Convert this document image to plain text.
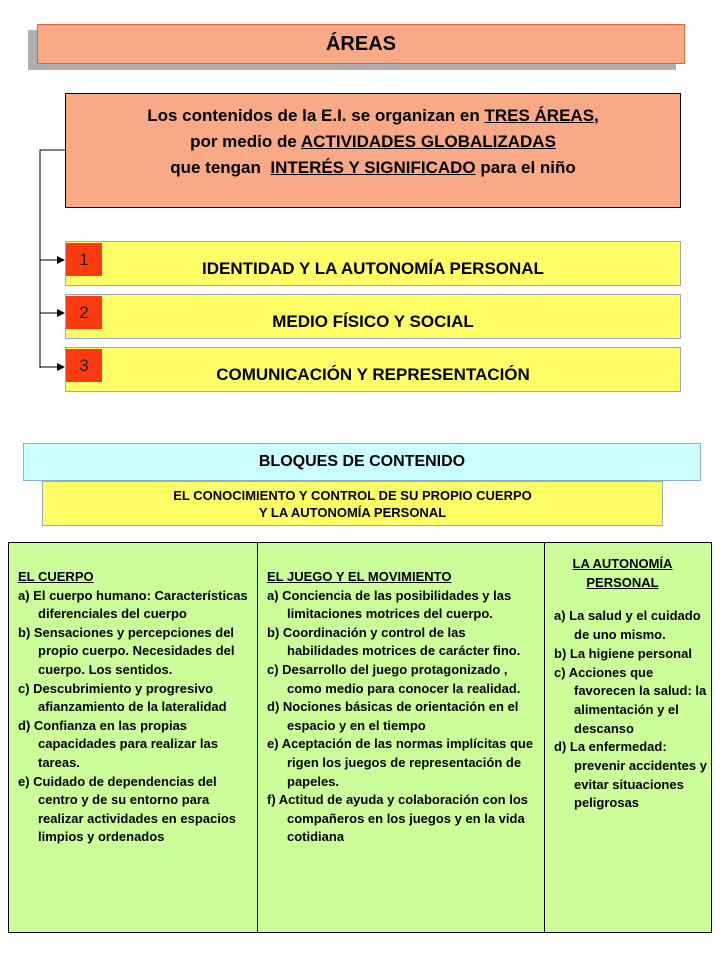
ÁREAS
Los contenidos de la E.I. se organizan en TRES ÁREAS,
por medio de ACTIVIDADES GLOBALIZADAS
que tengan  INTERÉS Y SIGNIFICADO para el niño
IDENTIDAD Y LA AUTONOMÍA PERSONAL
1
MEDIO FÍSICO Y SOCIAL
2
COMUNICACIÓN Y REPRESENTACIÓN
3
BLOQUES DE CONTENIDO
EL CONOCIMIENTO Y CONTROL DE SU PROPIO CUERPO
Y LA AUTONOMÍA PERSONAL
EL CUERPO
a) El cuerpo humano: Características diferenciales del cuerpo
b) Sensaciones y percepciones del propio cuerpo. Necesidades del cuerpo. Los sentidos.
c) Descubrimiento y progresivo afianzamiento de la lateralidad
d) Confianza en las propias capacidades para realizar las tareas.
e) Cuidado de dependencias del centro y de su entorno para realizar actividades en espacios limpios y ordenados
EL JUEGO Y EL MOVIMIENTO
a) Conciencia de las posibilidades y las limitaciones motrices del cuerpo.
b) Coordinación y control de las habilidades motrices de carácter fino.
c) Desarrollo del juego protagonizado , como medio para conocer la realidad.
d) Nociones básicas de orientación en el espacio y en el tiempo
e) Aceptación de las normas implícitas que rigen los juegos de representación de papeles.
f) Actitud de ayuda y colaboración con los compañeros en los juegos y en la vida cotidiana
LA AUTONOMÍA
PERSONAL
a) La salud y el cuidado de uno mismo.
b) La higiene personal
c) Acciones que favorecen la salud: la alimentación y el descanso
d) La enfermedad: prevenir accidentes y evitar situaciones peligrosas
